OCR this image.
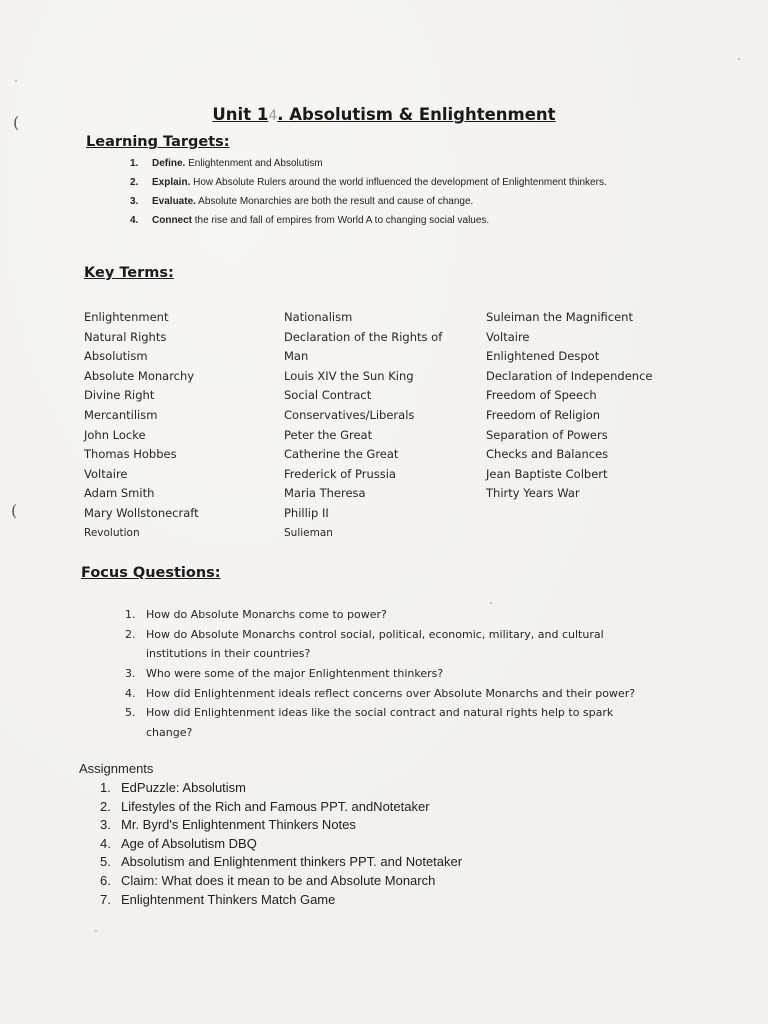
(
(
Unit 14. Absolutism & Enlightenment
Learning Targets:
1. Define. Enlightenment and Absolutism
2. Explain. How Absolute Rulers around the world influenced the development of Enlightenment thinkers.
3. Evaluate. Absolute Monarchies are both the result and cause of change.
4. Connect the rise and fall of empires from World A to changing social values.
Key Terms:
Enlightenment
Natural Rights
Absolutism
Absolute Monarchy
Divine Right
Mercantilism
John Locke
Thomas Hobbes
Voltaire
Adam Smith
Mary Wollstonecraft
Revolution
Nationalism
Declaration of the Rights of
Man
Louis XIV the Sun King
Social Contract
Conservatives/Liberals
Peter the Great
Catherine the Great
Frederick of Prussia
Maria Theresa
Phillip II
Sulieman
Suleiman the Magnificent
Voltaire
Enlightened Despot
Declaration of Independence
Freedom of Speech
Freedom of Religion
Separation of Powers
Checks and Balances
Jean Baptiste Colbert
Thirty Years War
Focus Questions:
1. How do Absolute Monarchs come to power?
2. How do Absolute Monarchs control social, political, economic, military, and cultural institutions in their countries?
3. Who were some of the major Enlightenment thinkers?
4. How did Enlightenment ideals reflect concerns over Absolute Monarchs and their power?
5. How did Enlightenment ideas like the social contract and natural rights help to spark change?
Assignments
1. EdPuzzle: Absolutism
2. Lifestyles of the Rich and Famous PPT. andNotetaker
3. Mr. Byrd's Enlightenment Thinkers Notes
4. Age of Absolutism DBQ
5. Absolutism and Enlightenment thinkers PPT. and Notetaker
6. Claim: What does it mean to be and Absolute Monarch
7. Enlightenment Thinkers Match Game
